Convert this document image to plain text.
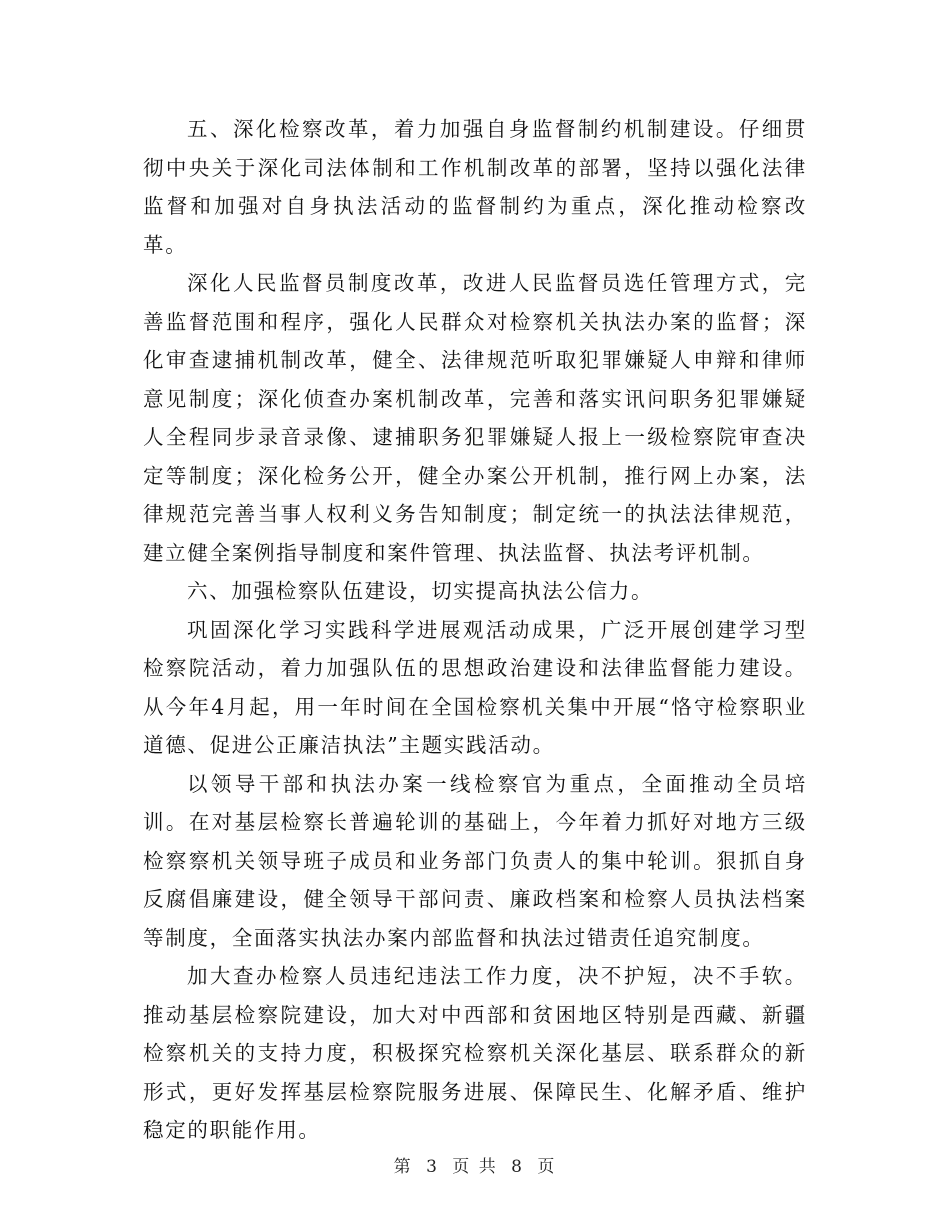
五、深化检察改革，着力加强自身监督制约机制建设。仔细贯彻中央关于深化司法体制和工作机制改革的部署，坚持以强化法律监督和加强对自身执法活动的监督制约为重点，深化推动检察改革。

深化人民监督员制度改革，改进人民监督员选任管理方式，完善监督范围和程序，强化人民群众对检察机关执法办案的监督；深化审查逮捕机制改革，健全、法律规范听取犯罪嫌疑人申辩和律师意见制度；深化侦查办案机制改革，完善和落实讯问职务犯罪嫌疑人全程同步录音录像、逮捕职务犯罪嫌疑人报上一级检察院审查决定等制度；深化检务公开，健全办案公开机制，推行网上办案，法律规范完善当事人权利义务告知制度；制定统一的执法法律规范，建立健全案例指导制度和案件管理、执法监督、执法考评机制。

六、加强检察队伍建设，切实提高执法公信力。

巩固深化学习实践科学进展观活动成果，广泛开展创建学习型检察院活动，着力加强队伍的思想政治建设和法律监督能力建设。从今年4月起，用一年时间在全国检察机关集中开展“恪守检察职业道德、促进公正廉洁执法”主题实践活动。

以领导干部和执法办案一线检察官为重点，全面推动全员培训。在对基层检察长普遍轮训的基础上，今年着力抓好对地方三级检察察机关领导班子成员和业务部门负责人的集中轮训。狠抓自身反腐倡廉建设，健全领导干部问责、廉政档案和检察人员执法档案等制度，全面落实执法办案内部监督和执法过错责任追究制度。

加大查办检察人员违纪违法工作力度，决不护短，决不手软。推动基层检察院建设，加大对中西部和贫困地区特别是西藏、新疆检察机关的支持力度，积极探究检察机关深化基层、联系群众的新形式，更好发挥基层检察院服务进展、保障民生、化解矛盾、维护稳定的职能作用。

第 3 页 共 8 页
